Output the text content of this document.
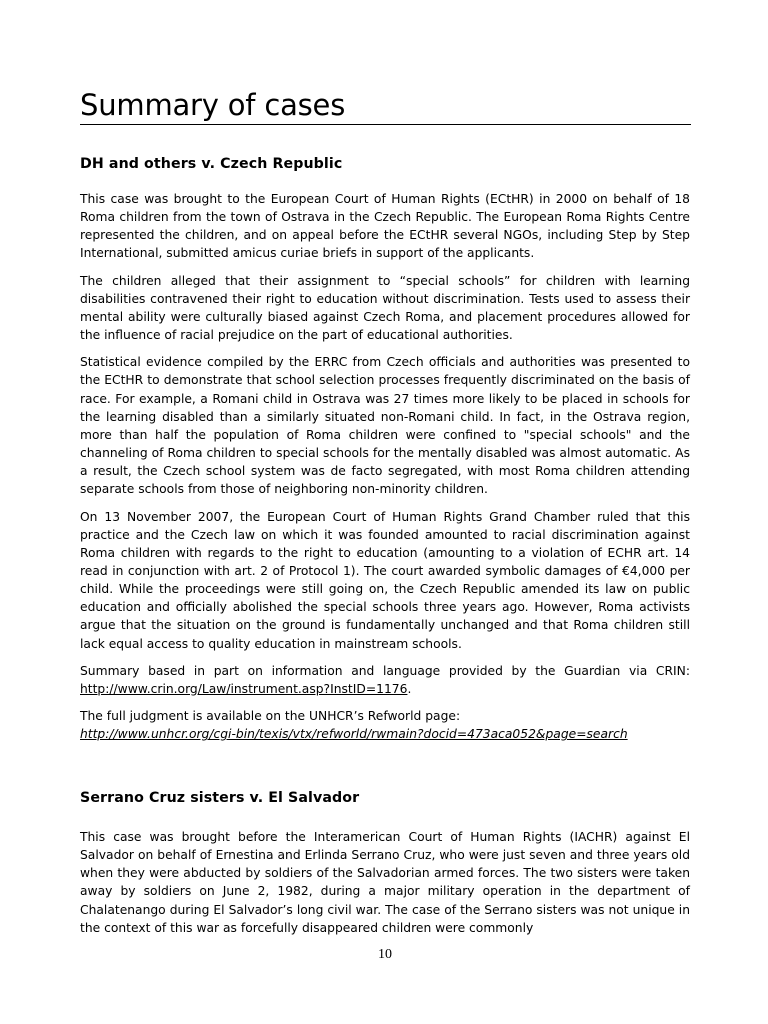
Summary of cases
DH and others v. Czech Republic

This case was brought to the European Court of Human Rights (ECtHR) in 2000 on behalf of 18 Roma children from the town of Ostrava in the Czech Republic. The European Roma Rights Centre represented the children, and on appeal before the ECtHR several NGOs, including Step by Step International, submitted amicus curiae briefs in support of the applicants.

The children alleged that their assignment to “special schools” for children with learning disabilities contravened their right to education without discrimination. Tests used to assess their mental ability were culturally biased against Czech Roma, and placement procedures allowed for the influence of racial prejudice on the part of educational authorities.

Statistical evidence compiled by the ERRC from Czech officials and authorities was presented to the ECtHR to demonstrate that school selection processes frequently discriminated on the basis of race. For example, a Romani child in Ostrava was 27 times more likely to be placed in schools for the learning disabled than a similarly situated non-Romani child. In fact, in the Ostrava region, more than half the population of Roma children were confined to "special schools" and the channeling of Roma children to special schools for the mentally disabled was almost automatic. As a result, the Czech school system was de facto segregated, with most Roma children attending separate schools from those of neighboring non-minority children.

On 13 November 2007, the European Court of Human Rights Grand Chamber ruled that this practice and the Czech law on which it was founded amounted to racial discrimination against Roma children with regards to the right to education (amounting to a violation of ECHR art. 14 read in conjunction with art. 2 of Protocol 1). The court awarded symbolic damages of €4,000 per child. While the proceedings were still going on, the Czech Republic amended its law on public education and officially abolished the special schools three years ago. However, Roma activists argue that the situation on the ground is fundamentally unchanged and that Roma children still lack equal access to quality education in mainstream schools.

Summary based in part on information and language provided by the Guardian via CRIN: http://www.crin.org/Law/instrument.asp?InstID=1176.

The full judgment is available on the UNHCR’s Refworld page:
http://www.unhcr.org/cgi-bin/texis/vtx/refworld/rwmain?docid=473aca052&page=search

Serrano Cruz sisters v. El Salvador

This case was brought before the Interamerican Court of Human Rights (IACHR) against El Salvador on behalf of Ernestina and Erlinda Serrano Cruz, who were just seven and three years old when they were abducted by soldiers of the Salvadorian armed forces. The two sisters were taken away by soldiers on June 2, 1982, during a major military operation in the department of Chalatenango during El Salvador’s long civil war. The case of the Serrano sisters was not unique in the context of this war as forcefully disappeared children were commonly

10
